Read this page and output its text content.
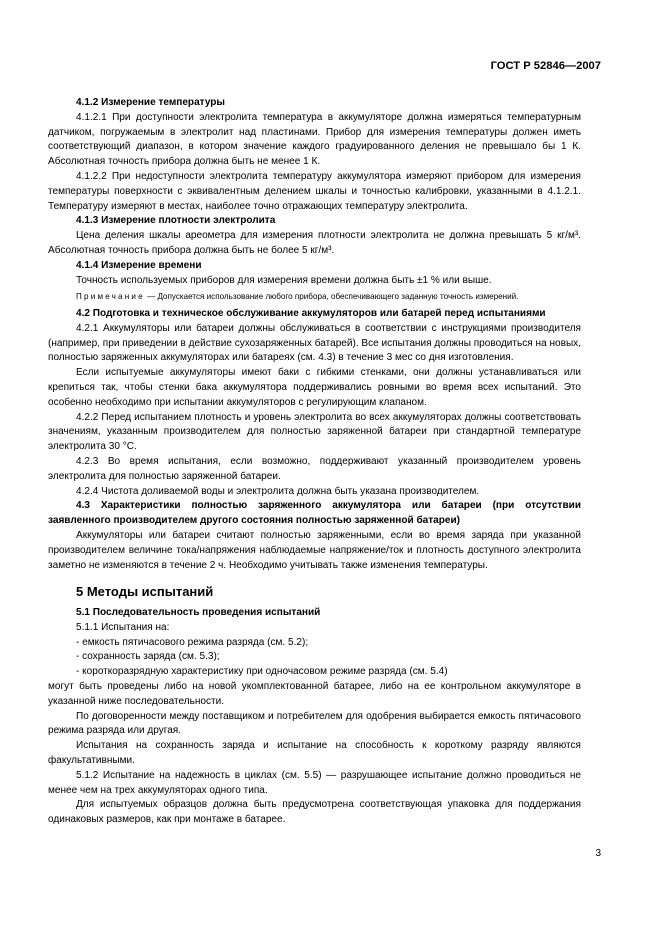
ГОСТ Р 52846—2007

4.1.2 Измерение температуры

4.1.2.1 При доступности электролита температура в аккумуляторе должна измеряться температурным датчиком, погружаемым в электролит над пластинами. Прибор для измерения температуры должен иметь соответствующий диапазон, в котором значение каждого градуированного деления не превышало бы 1 К. Абсолютная точность прибора должна быть не менее 1 К.

4.1.2.2 При недоступности электролита температуру аккумулятора измеряют прибором для измерения температуры поверхности с эквивалентным делением шкалы и точностью калибровки, указанными в 4.1.2.1. Температуру измеряют в местах, наиболее точно отражающих температуру электролита.

4.1.3 Измерение плотности электролита

Цена деления шкалы ареометра для измерения плотности электролита не должна превышать 5 кг/м³. Абсолютная точность прибора должна быть не более 5 кг/м³.

4.1.4 Измерение времени

Точность используемых приборов для измерения времени должна быть ±1 % или выше.

Примечание — Допускается использование любого прибора, обеспечивающего заданную точность измерений.

4.2 Подготовка и техническое обслуживание аккумуляторов или батарей перед испытаниями

4.2.1 Аккумуляторы или батареи должны обслуживаться в соответствии с инструкциями производителя (например, при приведении в действие сухозаряженных батарей). Все испытания должны проводиться на новых, полностью заряженных аккумуляторах или батареях (см. 4.3) в течение 3 мес со дня изготовления.

Если испытуемые аккумуляторы имеют баки с гибкими стенками, они должны устанавливаться или крепиться так, чтобы стенки бака аккумулятора поддерживались ровными во время всех испытаний. Это особенно необходимо при испытании аккумуляторов с регулирующим клапаном.

4.2.2 Перед испытанием плотность и уровень электролита во всех аккумуляторах должны соответствовать значениям, указанным производителем для полностью заряженной батареи при стандартной температуре электролита 30 °С.

4.2.3 Во время испытания, если возможно, поддерживают указанный производителем уровень электролита для полностью заряженной батареи.

4.2.4 Чистота доливаемой воды и электролита должна быть указана производителем.

4.3 Характеристики полностью заряженного аккумулятора или батареи (при отсутствии заявленного производителем другого состояния полностью заряженной батареи)

Аккумуляторы или батареи считают полностью заряженными, если во время заряда при указанной производителем величине тока/напряжения наблюдаемые напряжение/ток и плотность доступного электролита заметно не изменяются в течение 2 ч. Необходимо учитывать также изменения температуры.

5 Методы испытаний

5.1 Последовательность проведения испытаний

5.1.1 Испытания на:

- емкость пятичасового режима разряда (см. 5.2);

- сохранность заряда (см. 5.3);

- короткоразрядную характеристику при одночасовом режиме разряда (см. 5.4)

могут быть проведены либо на новой укомплектованной батарее, либо на ее контрольном аккумуляторе в указанной ниже последовательности.

По договоренности между поставщиком и потребителем для одобрения выбирается емкость пятичасового режима разряда или другая.

Испытания на сохранность заряда и испытание на способность к короткому разряду являются факультативными.

5.1.2 Испытание на надежность в циклах (см. 5.5) — разрушающее испытание должно проводиться не менее чем на трех аккумуляторах одного типа.

Для испытуемых образцов должна быть предусмотрена соответствующая упаковка для поддержания одинаковых размеров, как при монтаже в батарее.

3
